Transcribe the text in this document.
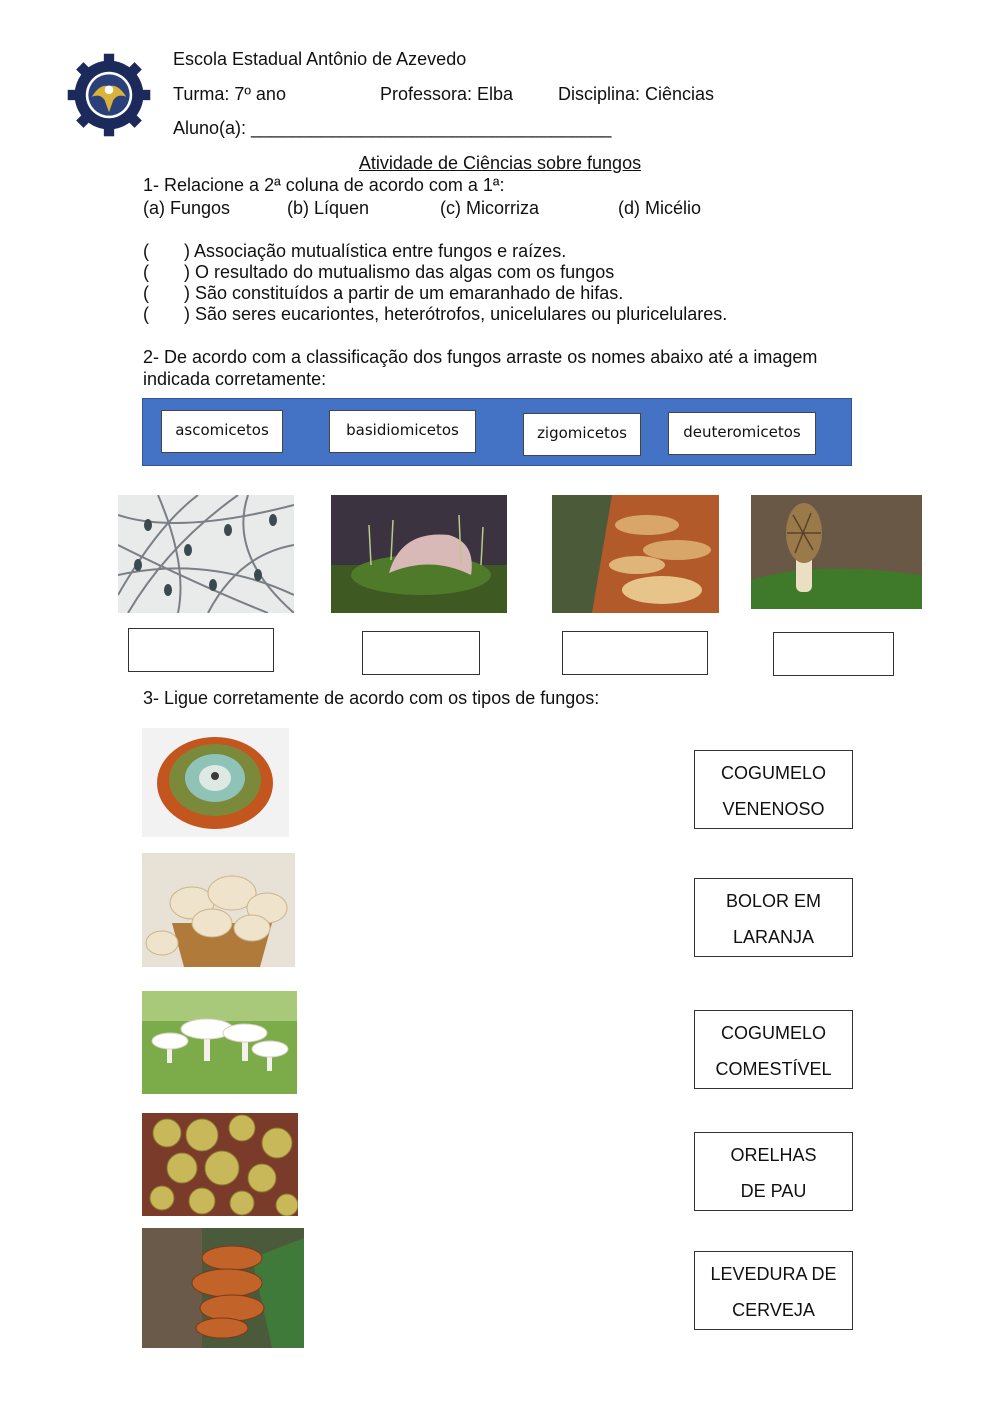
Escola Estadual Antônio de Azevedo
Turma: 7º ano	Professora: Elba Disciplina: Ciências
Aluno(a): ____________________________________
Atividade de Ciências sobre fungos
1- Relacione a 2ª coluna de acordo com a 1ª:
(a) Fungos	(b) Líquen	(c) Micorriza	(d) Micélio
( ) Associação mutualística entre fungos e raízes.
( ) O resultado do mutualismo das algas com os fungos
( ) São constituídos a partir de um emaranhado de hifas.
( ) São seres eucariontes, heterótrofos, unicelulares ou pluricelulares.
2- De acordo com a classificação dos fungos arraste os nomes abaixo até a imagem
indicada corretamente:
ascomicetos	basidiomicetos	zigomicetos	deuteromicetos
3- Ligue corretamente de acordo com os tipos de fungos:
COGUMELO
VENENOSO
BOLOR EM
LARANJA
COGUMELO
COMESTÍVEL
ORELHAS
DE PAU
LEVEDURA DE
CERVEJA
